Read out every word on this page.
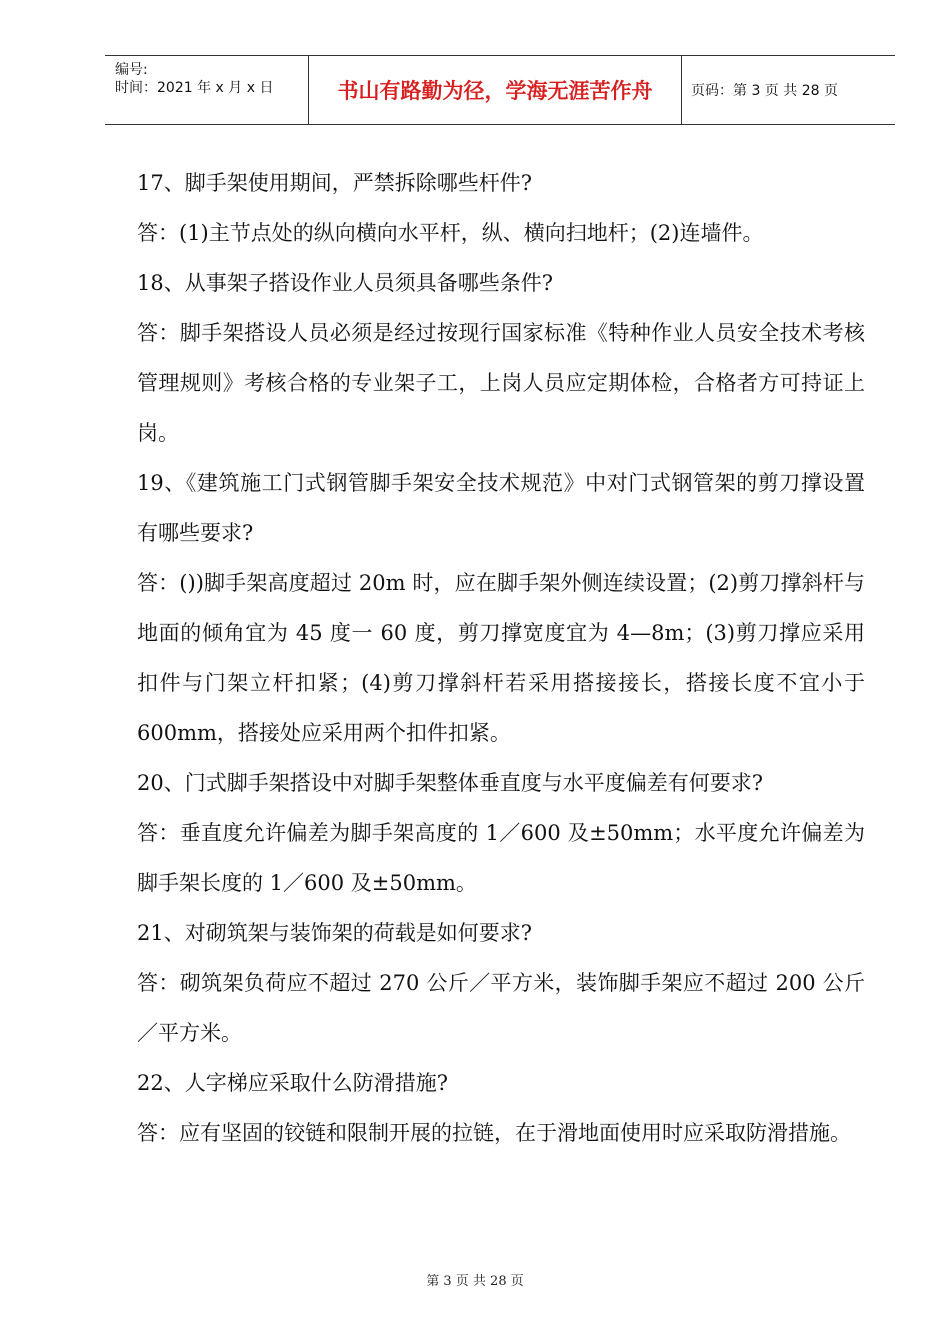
编号:
时间：2021 年 x 月 x 日	书山有路勤为径，学海无涯苦作舟	页码：第 3 页 共 28 页

17、脚手架使用期间，严禁拆除哪些杆件?

答：(1)主节点处的纵向横向水平杆，纵、横向扫地杆；(2)连墙件。

18、从事架子搭设作业人员须具备哪些条件?

答：脚手架搭设人员必须是经过按现行国家标准《特种作业人员安全技术考核管理规则》考核合格的专业架子工，上岗人员应定期体检，合格者方可持证上岗。

19、《建筑施工门式钢管脚手架安全技术规范》中对门式钢管架的剪刀撑设置有哪些要求?

答：())脚手架高度超过 20m 时，应在脚手架外侧连续设置；(2)剪刀撑斜杆与地面的倾角宜为 45 度一 60 度，剪刀撑宽度宜为 4—8m；(3)剪刀撑应采用扣件与门架立杆扣紧；(4)剪刀撑斜杆若采用搭接接长，搭接长度不宜小于 600mm，搭接处应采用两个扣件扣紧。

20、门式脚手架搭设中对脚手架整体垂直度与水平度偏差有何要求?

答：垂直度允许偏差为脚手架高度的 1／600 及±50mm；水平度允许偏差为脚手架长度的 1／600 及±50mm。

21、对砌筑架与装饰架的荷载是如何要求?

答：砌筑架负荷应不超过 270 公斤／平方米，装饰脚手架应不超过 200 公斤／平方米。

22、人字梯应采取什么防滑措施?

答：应有坚固的铰链和限制开展的拉链，在于滑地面使用时应采取防滑措施。

第 3 页 共 28 页
